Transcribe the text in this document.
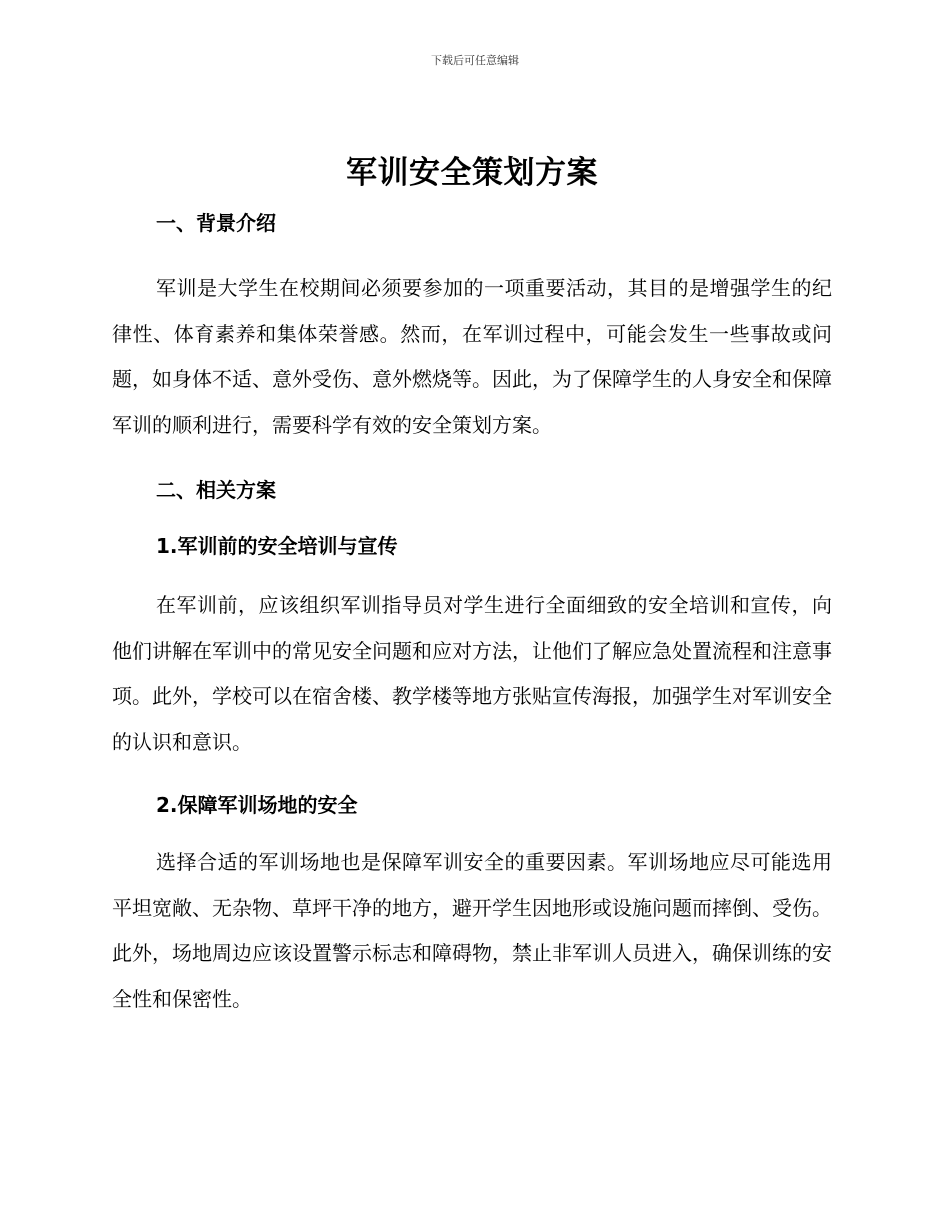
下载后可任意编辑
军训安全策划方案
一、背景介绍

军训是大学生在校期间必须要参加的一项重要活动，其目的是增强学生的纪律性、体育素养和集体荣誉感。然而，在军训过程中，可能会发生一些事故或问题，如身体不适、意外受伤、意外燃烧等。因此，为了保障学生的人身安全和保障军训的顺利进行，需要科学有效的安全策划方案。

二、相关方案
1.军训前的安全培训与宣传

在军训前，应该组织军训指导员对学生进行全面细致的安全培训和宣传，向他们讲解在军训中的常见安全问题和应对方法，让他们了解应急处置流程和注意事项。此外，学校可以在宿舍楼、教学楼等地方张贴宣传海报，加强学生对军训安全的认识和意识。

2.保障军训场地的安全

选择合适的军训场地也是保障军训安全的重要因素。军训场地应尽可能选用平坦宽敞、无杂物、草坪干净的地方，避开学生因地形或设施问题而摔倒、受伤。此外，场地周边应该设置警示标志和障碍物，禁止非军训人员进入，确保训练的安全性和保密性。
